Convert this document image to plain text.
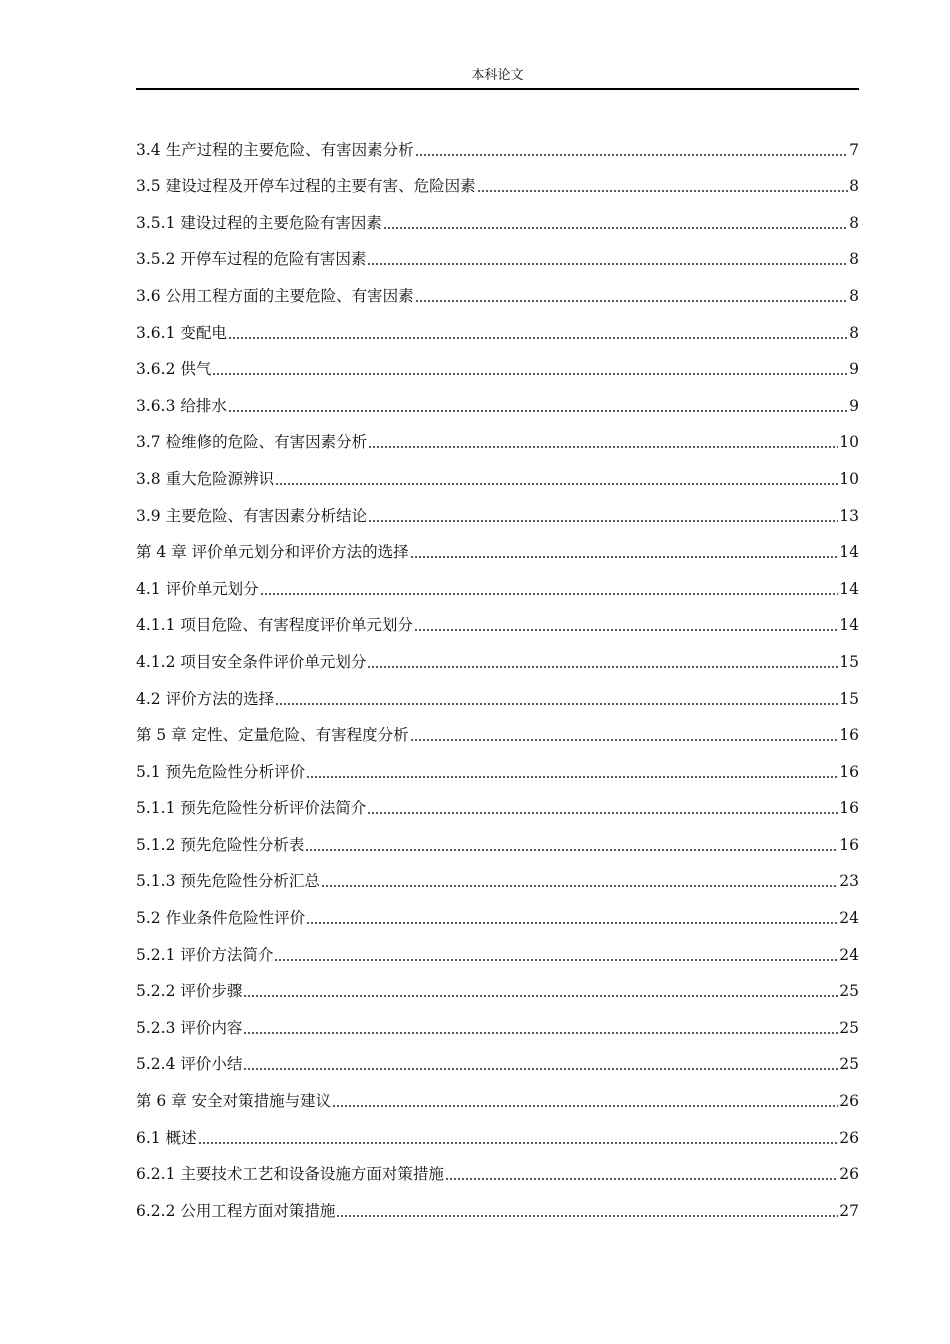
本科论文
3.4 生产过程的主要危险、有害因素分析	7
3.5 建设过程及开停车过程的主要有害、危险因素	8
3.5.1 建设过程的主要危险有害因素	8
3.5.2 开停车过程的危险有害因素	8
3.6 公用工程方面的主要危险、有害因素	8
3.6.1 变配电	8
3.6.2 供气	9
3.6.3 给排水	9
3.7 检维修的危险、有害因素分析	10
3.8 重大危险源辨识	10
3.9 主要危险、有害因素分析结论	13
第 4 章 评价单元划分和评价方法的选择	14
4.1 评价单元划分	14
4.1.1 项目危险、有害程度评价单元划分	14
4.1.2 项目安全条件评价单元划分	15
4.2 评价方法的选择	15
第 5 章 定性、定量危险、有害程度分析	16
5.1 预先危险性分析评价	16
5.1.1 预先危险性分析评价法简介	16
5.1.2 预先危险性分析表	16
5.1.3 预先危险性分析汇总	23
5.2 作业条件危险性评价	24
5.2.1 评价方法简介	24
5.2.2 评价步骤	25
5.2.3 评价内容	25
5.2.4 评价小结	25
第 6 章 安全对策措施与建议	26
6.1 概述	26
6.2.1 主要技术工艺和设备设施方面对策措施	26
6.2.2 公用工程方面对策措施	27
